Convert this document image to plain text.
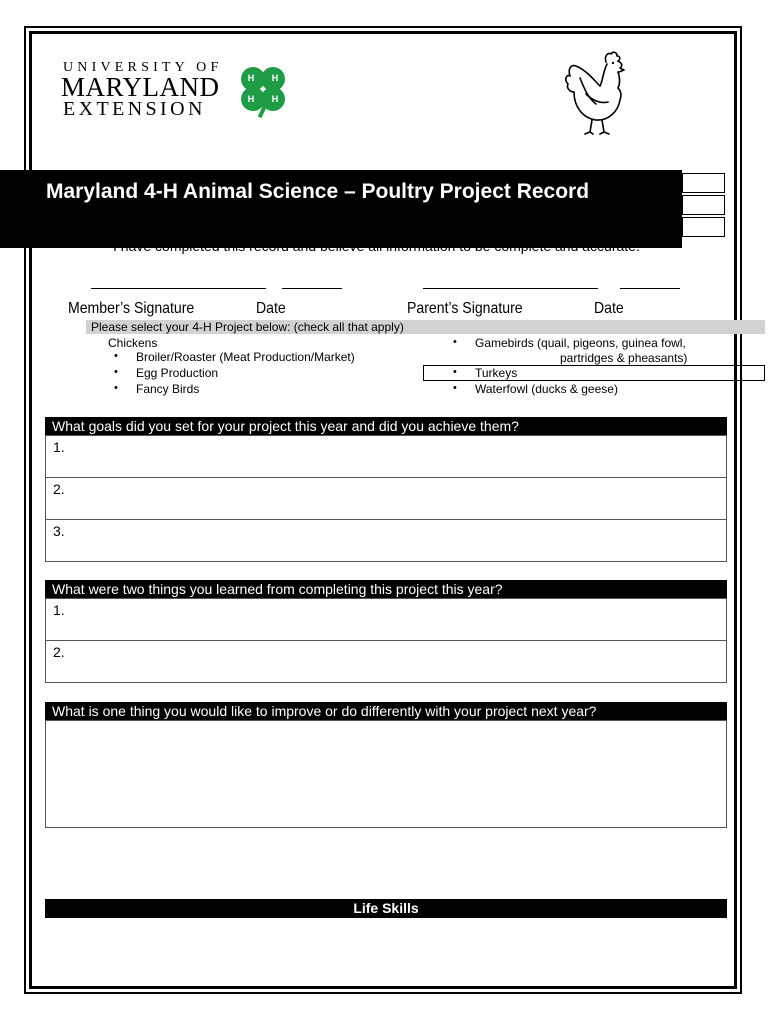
UNIVERSITY OF
MARYLAND
EXTENSION
H H
H H
Maryland 4-H Animal Science – Poultry Project Record
I have completed this record and believe all information to be complete and accurate.
Member’s Signature	Date	Parent’s Signature	Date
Please select your 4-H Project below: (check all that apply)
Chickens
• Broiler/Roaster (Meat Production/Market)
• Egg Production
• Fancy Birds
• Gamebirds (quail, pigeons, guinea fowl,
partridges & pheasants)
• Turkeys
• Waterfowl (ducks & geese)
What goals did you set for your project this year and did you achieve them?
1.
2.
3.
What were two things you learned from completing this project this year?
1.
2.
What is one thing you would like to improve or do differently with your project next year?
Life Skills
